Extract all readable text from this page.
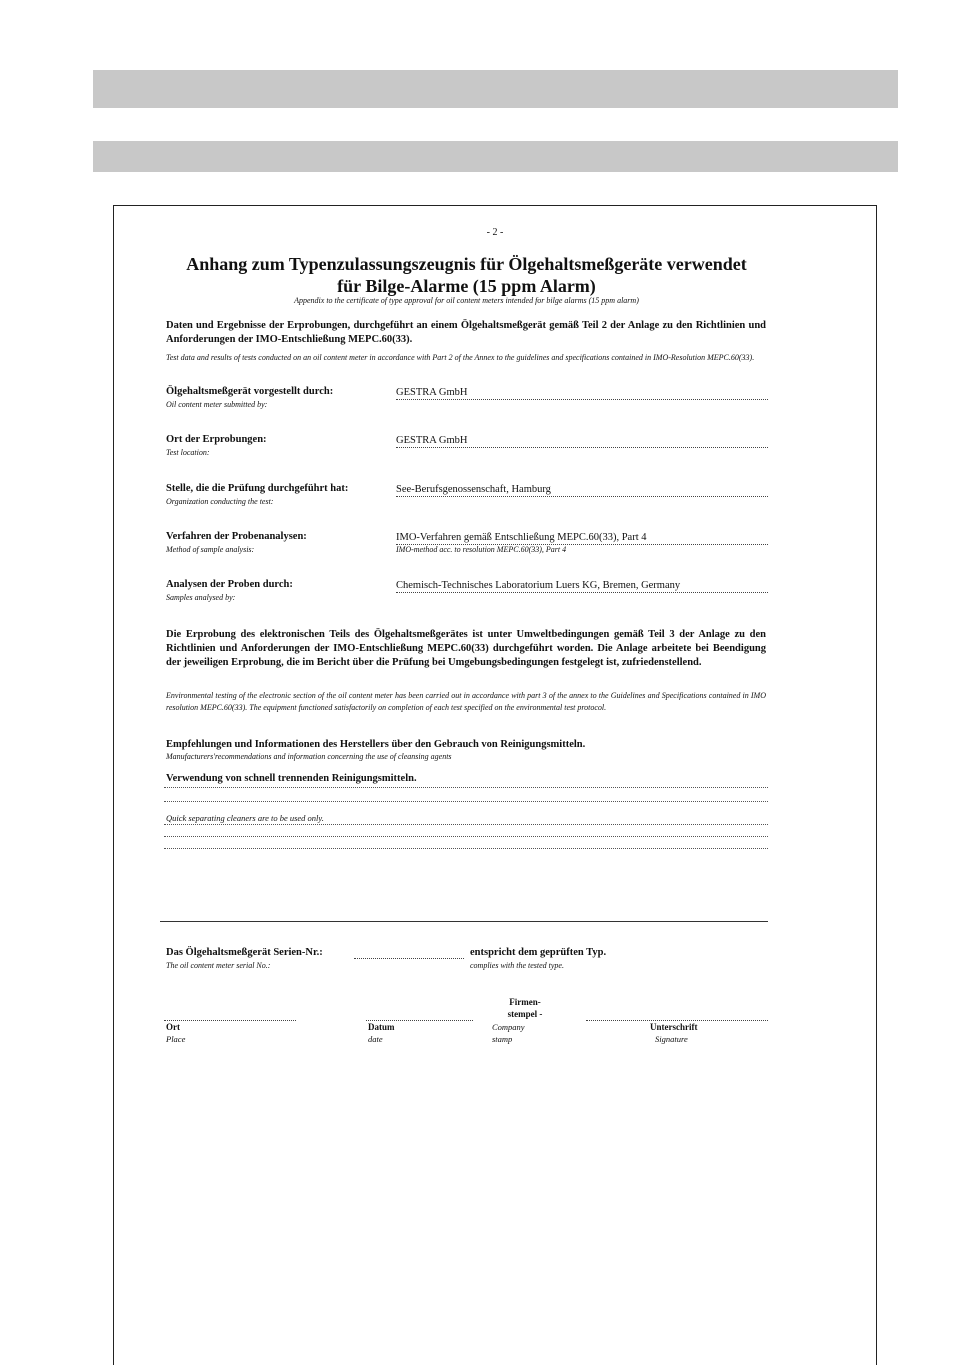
- 2 -
Anhang zum Typenzulassungszeugnis für Ölgehaltsmeßgeräte verwendet
für Bilge-Alarme (15 ppm Alarm)
Appendix to the certificate of type approval for oil content meters intended for bilge alarms (15 ppm alarm)
Daten und Ergebnisse der Erprobungen, durchgeführt an einem Ölgehaltsmeßgerät gemäß Teil 2 der Anlage zu den Richtlinien und Anforderungen der IMO-Entschließung MEPC.60(33).
Test data and results of tests conducted on an oil content meter in accordance with Part 2 of the Annex to the guidelines and specifications contained in IMO-Resolution MEPC.60(33).
Ölgehaltsmeßgerät vorgestellt durch:
Oil content meter submitted by:
GESTRA GmbH
Ort der Erprobungen:
Test location:
GESTRA GmbH
Stelle, die die Prüfung durchgeführt hat:
Organization conducting the test:
See-Berufsgenossenschaft, Hamburg
Verfahren der Probenanalysen:
Method of sample analysis:
IMO-Verfahren gemäß Entschließung MEPC.60(33), Part 4
IMO-method acc. to resolution MEPC.60(33), Part 4
Analysen der Proben durch:
Samples analysed by:
Chemisch-Technisches Laboratorium Luers KG, Bremen, Germany
Die Erprobung des elektronischen Teils des Ölgehaltsmeßgerätes ist unter Umweltbedingungen gemäß Teil 3 der Anlage zu den Richtlinien und Anforderungen der IMO-Entschließung MEPC.60(33) durchgeführt worden. Die Anlage arbeitete bei Beendigung der jeweiligen Erprobung, die im Bericht über die Prüfung bei Umgebungsbedingungen festgelegt ist, zufriedenstellend.
Environmental testing of the electronic section of the oil content meter has been carried out in accordance with part 3 of the annex to the Guidelines and Specifications contained in IMO resolution MEPC.60(33). The equipment functioned satisfactorily on completion of each test specified on the environmental test protocol.
Empfehlungen und Informationen des Herstellers über den Gebrauch von Reinigungsmitteln.
Manufacturers'recommendations and information concerning the use of cleansing agents
Verwendung von schnell trennenden Reinigungsmitteln.
Quick separating cleaners are to be used only.
Das Ölgehaltsmeßgerät Serien-Nr.:	entspricht dem geprüften Typ.
The oil content meter serial No.:	complies with the tested type.
Firmen-
stempel -
Ort
Place
Datum
date
Company
stamp
Unterschrift
Signature
